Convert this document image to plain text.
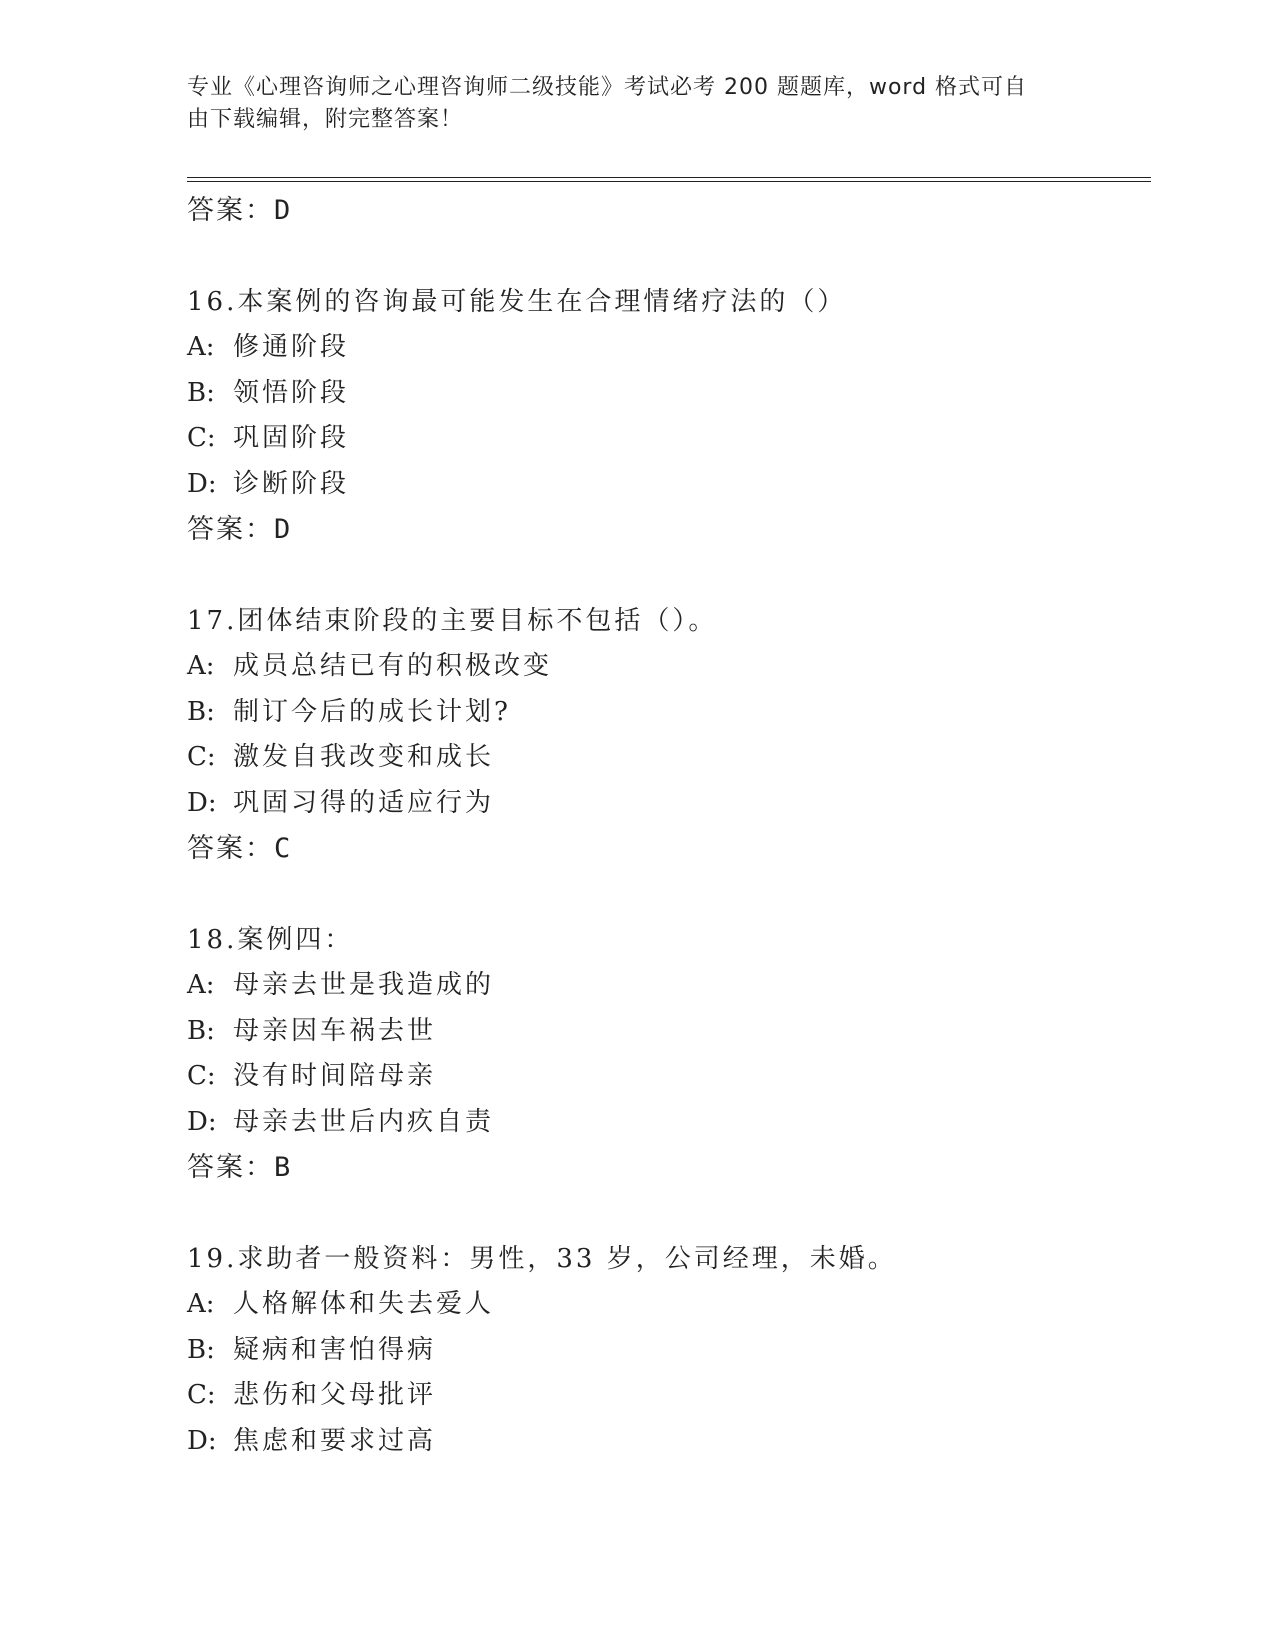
专业《心理咨询师之心理咨询师二级技能》考试必考 200 题题库，word 格式可自
由下载编辑，附完整答案！
答案：D
16.本案例的咨询最可能发生在合理情绪疗法的（）
A: 修通阶段
B: 领悟阶段
C: 巩固阶段
D: 诊断阶段
答案：D
17.团体结束阶段的主要目标不包括（）。
A: 成员总结已有的积极改变
B: 制订今后的成长计划?
C: 激发自我改变和成长
D: 巩固习得的适应行为
答案：C
18.案例四：
A: 母亲去世是我造成的
B: 母亲因车祸去世
C: 没有时间陪母亲
D: 母亲去世后内疚自责
答案：B
19.求助者一般资料：男性，33 岁，公司经理，未婚。
A: 人格解体和失去爱人
B: 疑病和害怕得病
C: 悲伤和父母批评
D: 焦虑和要求过高
